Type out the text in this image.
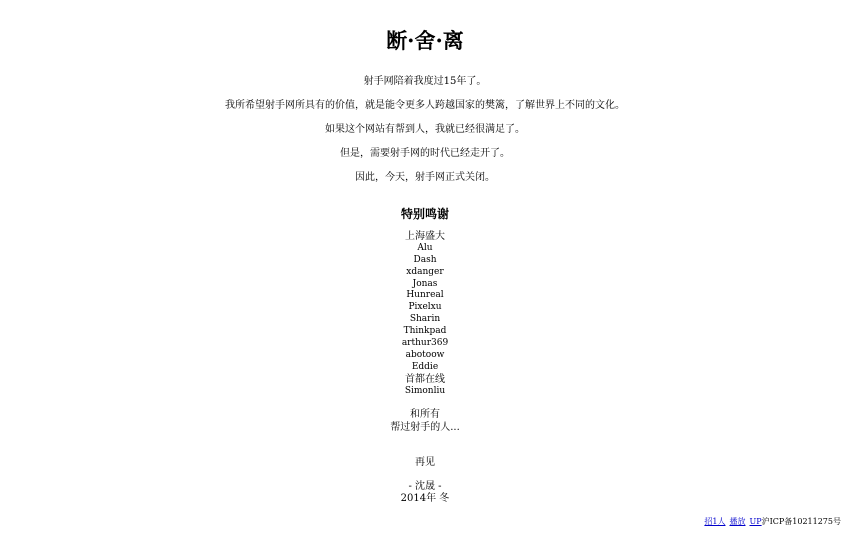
断·舍·离

射手网陪着我度过15年了。

我所希望射手网所具有的价值，就是能令更多人跨越国家的樊篱，了解世界上不同的文化。

如果这个网站有帮到人，我就已经很满足了。

但是，需要射手网的时代已经走开了。

因此，今天，射手网正式关闭。

特别鸣谢
上海盛大
Alu
Dash
xdanger
Jonas
Hunreal
Pixelxu
Sharin
Thinkpad
arthur369
abotoow
Eddie
首都在线
Simonliu
和所有
帮过射手的人...
再见
- 沈晟 -
2014年 冬
招1人 播放 UP沪ICP备10211275号
